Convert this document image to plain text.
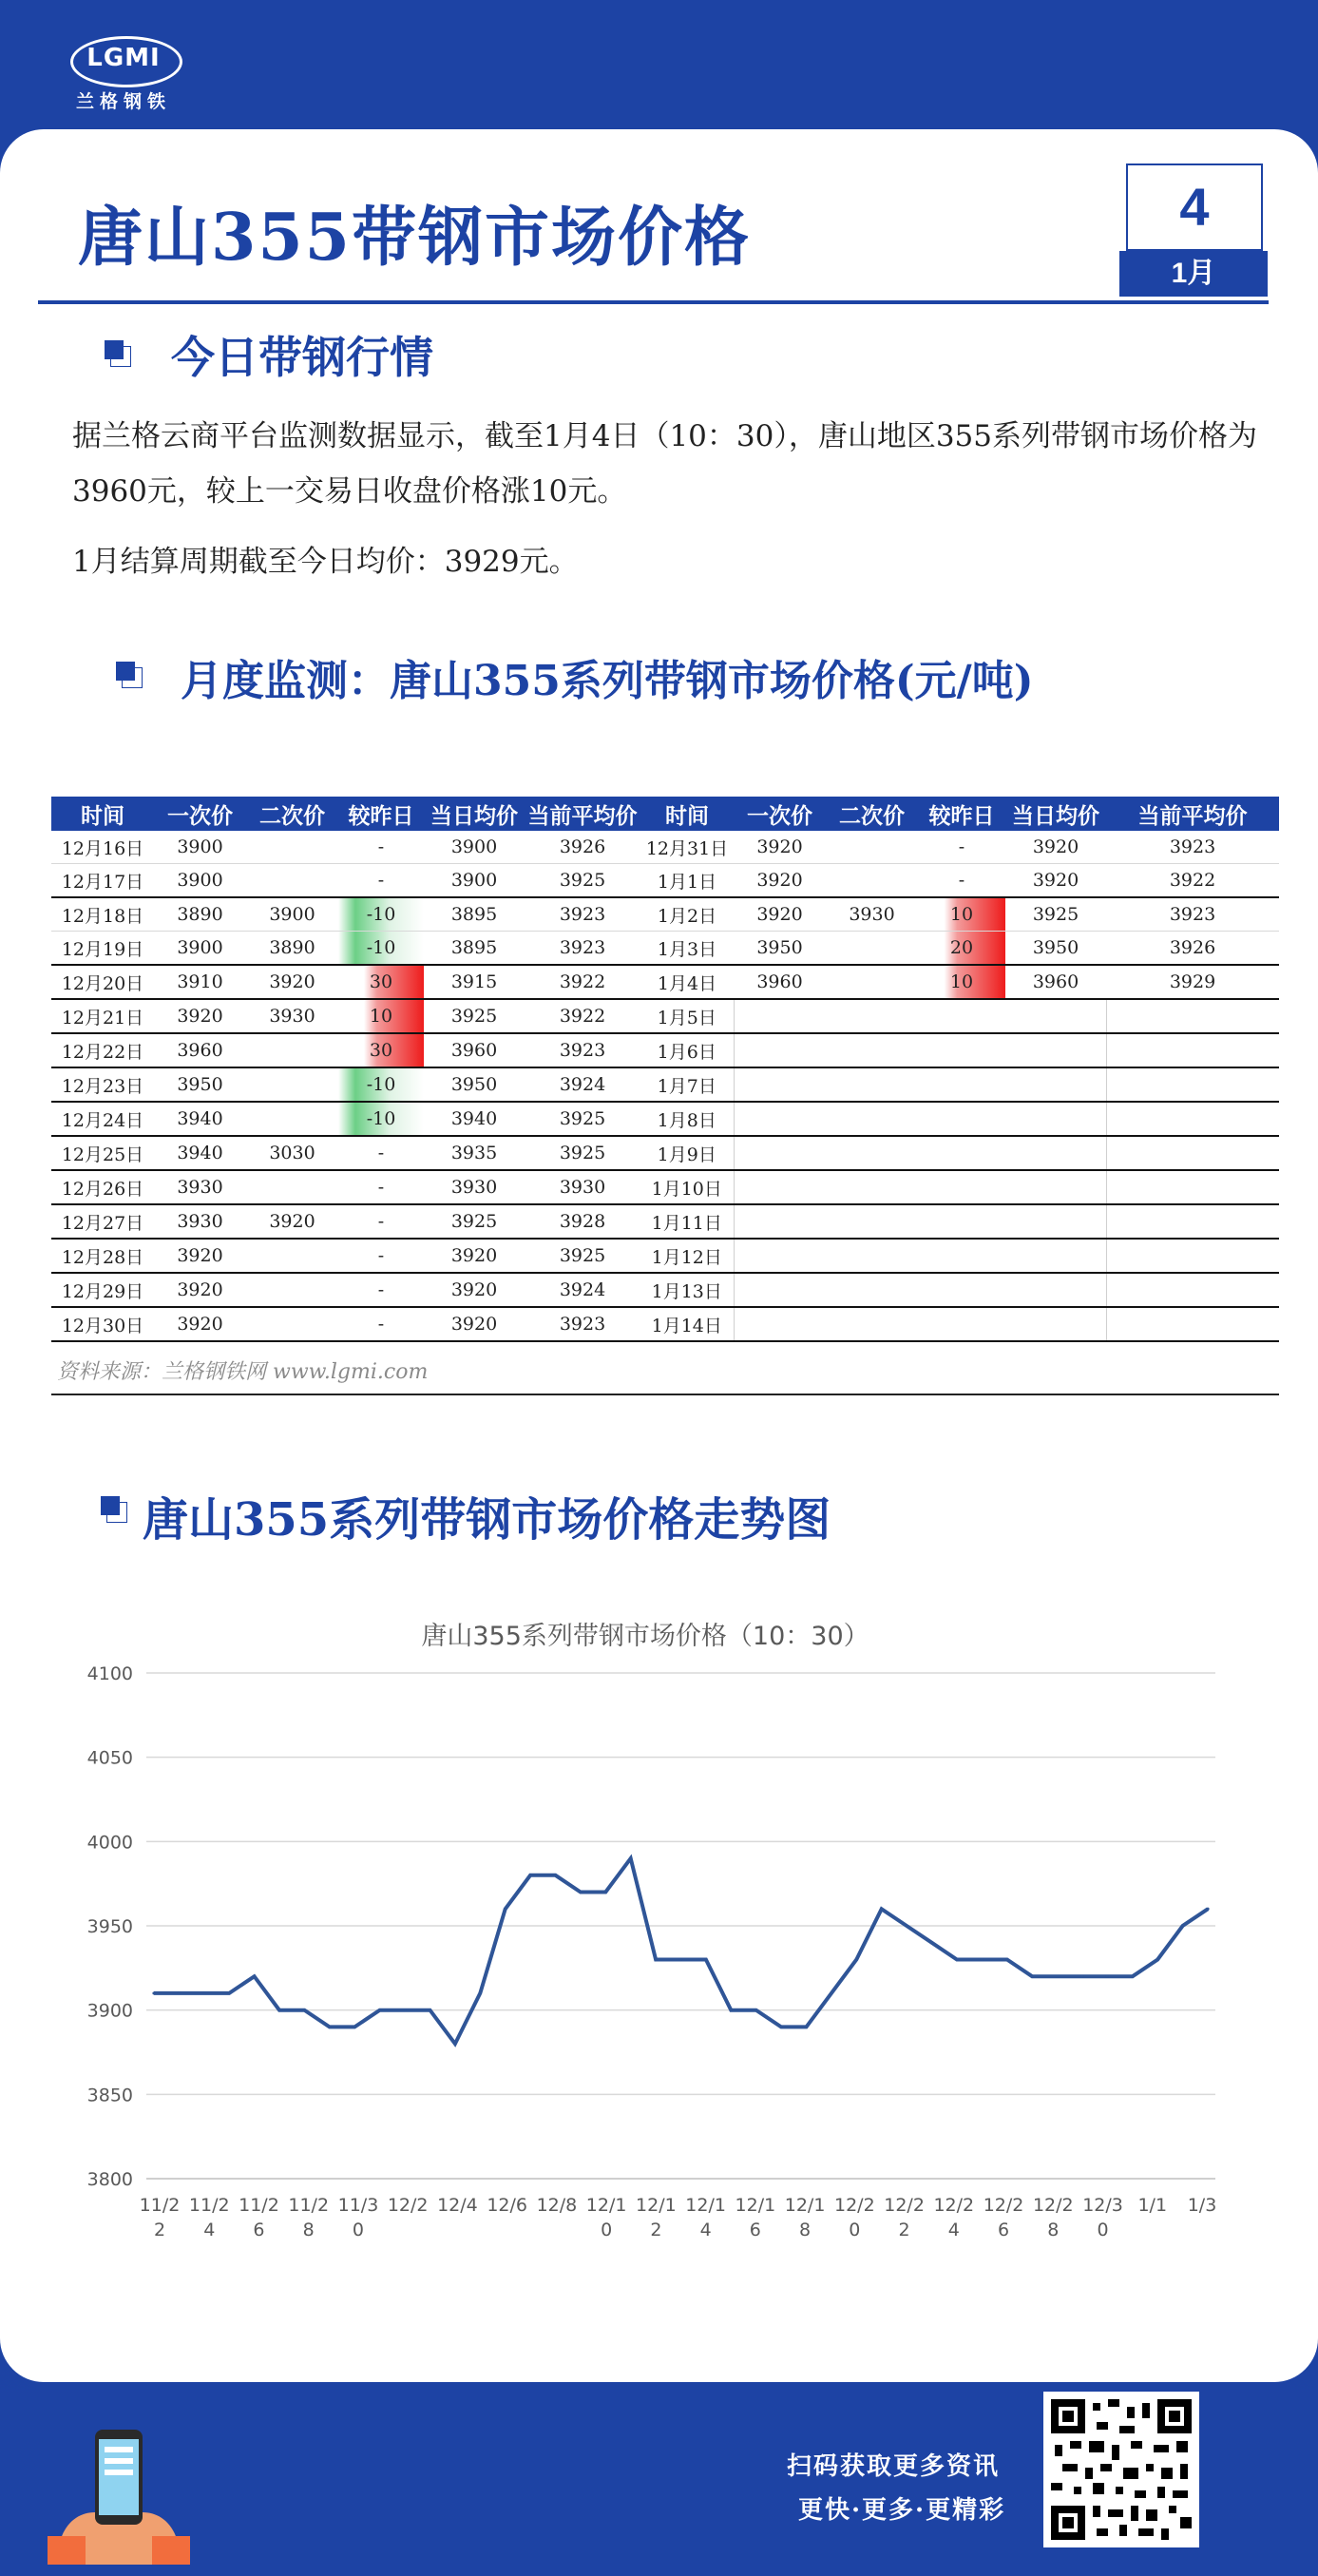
LGMI
兰格钢铁
唐山355带钢市场价格	4
1月
今日带钢行情
据兰格云商平台监测数据显示，截至1月4日（10：30），唐山地区355系列带钢市场价格为3960元，较上一交易日收盘价格涨10元。
1月结算周期截至今日均价：3929元。
月度监测：唐山355系列带钢市场价格(元/吨)
时间	一次价	二次价	较昨日	当日均价	当前平均价	时间	一次价	二次价	较昨日	当日均价	当前平均价
12月16日	3900		-	3900	3926	12月31日	3920		-	3920	3923
12月17日	3900		-	3900	3925	1月1日	3920		-	3920	3922
12月18日	3890	3900	-10	3895	3923	1月2日	3920	3930	10	3925	3923
12月19日	3900	3890	-10	3895	3923	1月3日	3950		20	3950	3926
12月20日	3910	3920	30	3915	3922	1月4日	3960		10	3960	3929
12月21日	3920	3930	10	3925	3922	1月5日					
12月22日	3960		30	3960	3923	1月6日					
12月23日	3950		-10	3950	3924	1月7日					
12月24日	3940		-10	3940	3925	1月8日					
12月25日	3940	3030	-	3935	3925	1月9日					
12月26日	3930		-	3930	3930	1月10日					
12月27日	3930	3920	-	3925	3928	1月11日					
12月28日	3920		-	3920	3925	1月12日					
12月29日	3920		-	3920	3924	1月13日					
12月30日	3920		-	3920	3923	1月14日					
资料来源：兰格钢铁网 www.lgmi.com
唐山355系列带钢市场价格走势图
唐山355系列带钢市场价格（10：30）
3800
3850
3900
3950
4000
4050
4100
11/2
2
11/2
4
11/2
6
11/2
8
11/3
0
12/2 12/4 12/6 12/8 12/1
0
12/1
2
12/1
4
12/1
6
12/1
8
12/2
0
12/2
2
12/2
4
12/2
6
12/2
8
12/3
0
1/1 1/3
扫码获取更多资讯
更快·更多·更精彩
